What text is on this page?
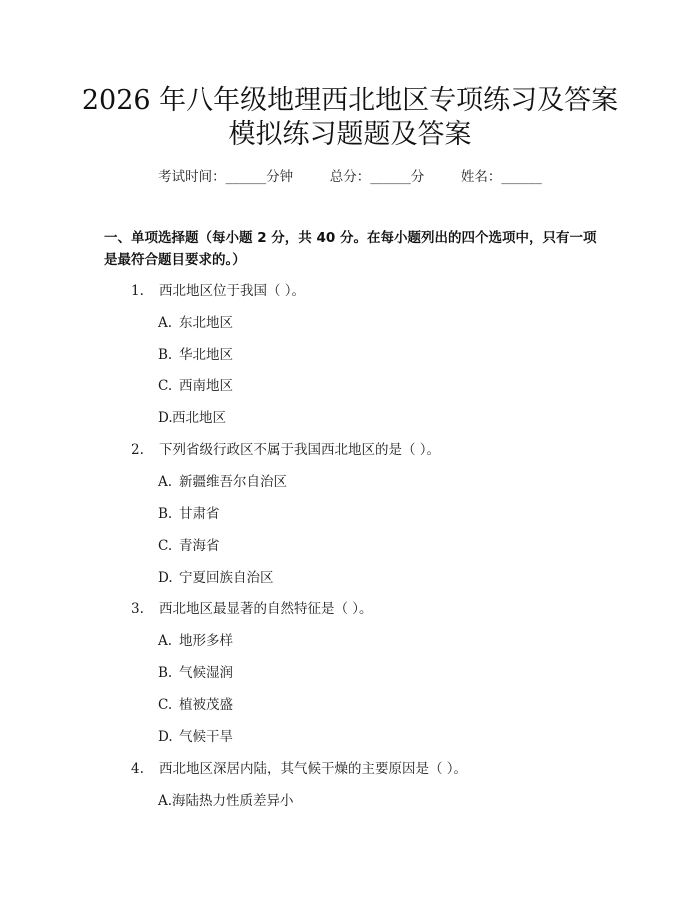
2026 年八年级地理西北地区专项练习及答案
模拟练习题题及答案
考试时间：______分钟	总分：______分	姓名：______
一、单项选择题（每小题 2 分，共 40 分。在每小题列出的四个选项中，只有一项
是最符合题目要求的。）
1. 西北地区位于我国（ ）。
A. 东北地区
B. 华北地区
C. 西南地区
D.西北地区
2. 下列省级行政区不属于我国西北地区的是（ ）。
A. 新疆维吾尔自治区
B. 甘肃省
C. 青海省
D. 宁夏回族自治区
3. 西北地区最显著的自然特征是（ ）。
A. 地形多样
B. 气候湿润
C. 植被茂盛
D. 气候干旱
4. 西北地区深居内陆，其气候干燥的主要原因是（ ）。
A.海陆热力性质差异小
